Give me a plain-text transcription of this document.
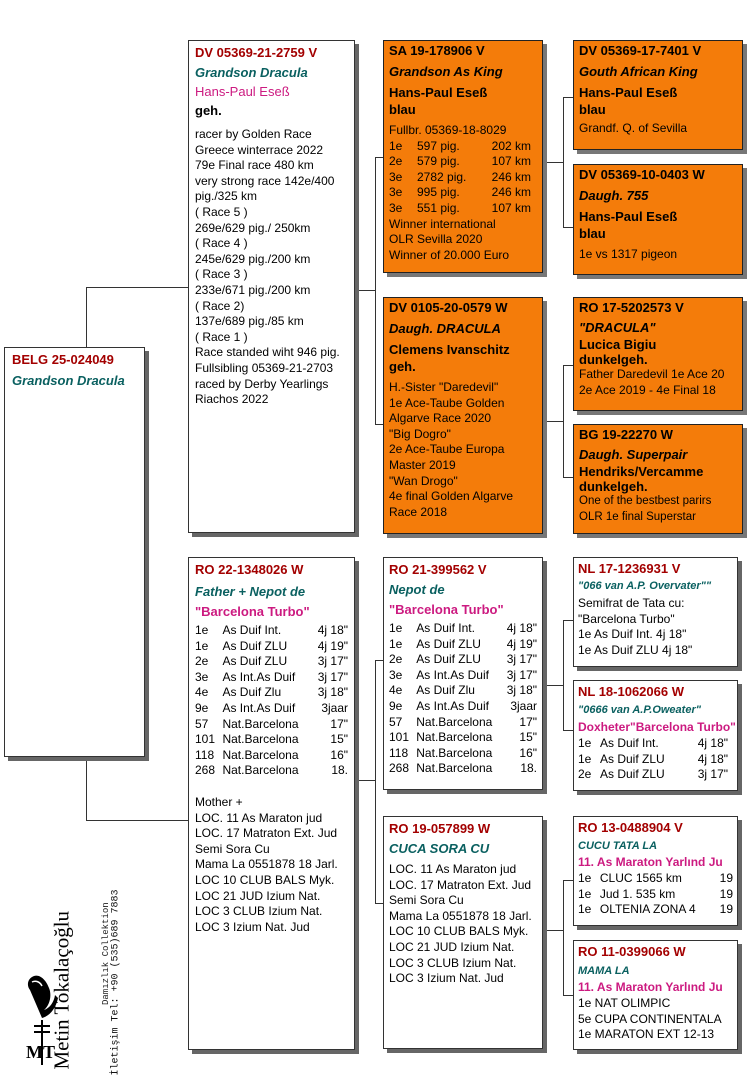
BELG 25-024049
Grandson Dracula
DV 05369-21-2759 V
Grandson Dracula
Hans-Paul Eseß
geh.
racer by Golden Race
Greece winterrace 2022
79e Final race 480 km
very strong race 142e/400
pig./325 km
( Race 5 )
269e/629 pig./ 250km
( Race 4 )
245e/629 pig./200 km
( Race 3 )
233e/671 pig./200 km
( Race 2)
137e/689 pig./85 km
( Race 1 )
Race standed wiht 946 pig.
Fullsibling 05369-21-2703
raced by Derby Yearlings
Riachos 2022
SA 19-178906 V
Grandson As King
Hans-Paul Eseß
blau
Fullbr. 05369-18-8029
1e	597 pig.	202 km
2e	579 pig.	107 km
3e	2782 pig.	246 km
3e	995 pig.	246 km
3e	551 pig.	107 km
Winner international
OLR Sevilla 2020
Winner of 20.000 Euro
DV 05369-17-7401 V
Gouth African King
Hans-Paul Eseß
blau
Grandf. Q. of Sevilla
DV 05369-10-0403 W
Daugh. 755
Hans-Paul Eseß
blau
1e vs 1317 pigeon
DV 0105-20-0579 W
Daugh. DRACULA
Clemens Ivanschitz
geh.
H.-Sister "Daredevil"
1e Ace-Taube Golden
Algarve Race 2020
"Big Dogro"
2e Ace-Taube Europa
Master 2019
"Wan Drogo"
4e final Golden Algarve
Race 2018
RO 17-5202573 V
"DRACULA"
Lucica Bigiu
dunkelgeh.
Father Daredevil 1e Ace 20
2e Ace 2019 - 4e Final 18
BG 19-22270 W
Daugh. Superpair
Hendriks/Vercamme
dunkelgeh.
One of the bestbest parirs
OLR 1e final Superstar
RO 22-1348026 W
Father + Nepot de
"Barcelona Turbo"
1e	As Duif Int.	4j 18"
1e	As Duif ZLU	4j 19"
2e	As Duif ZLU	3j 17"
3e	As Int.As Duif	3j 17"
4e	As Duif Zlu	3j 18"
9e	As Int.As Duif	3jaar
57	Nat.Barcelona	17"
101 Nat.Barcelona	15"
118 Nat.Barcelona	16"
268 Nat.Barcelona	18.
Mother +
LOC. 11 As Maraton jud
LOC. 17 Matraton Ext. Jud
Semi Sora Cu
Mama La 0551878 18 Jarl.
LOC 10 CLUB BALS Myk.
LOC 21 JUD Izium Nat.
LOC 3 CLUB Izium Nat.
LOC 3 Izium Nat. Jud
RO 21-399562 V
Nepot de
"Barcelona Turbo"
1e	As Duif Int.	4j 18"
1e	As Duif ZLU	4j 19"
2e	As Duif ZLU	3j 17"
3e	As Int.As Duif	3j 17"
4e	As Duif Zlu	3j 18"
9e	As Int.As Duif	3jaar
57	Nat.Barcelona	17"
101 Nat.Barcelona	15"
118 Nat.Barcelona	16"
268 Nat.Barcelona	18.
NL 17-1236931 V
"066 van A.P. Overvater""
Semifrat de Tata cu:
"Barcelona Turbo"
1e As Duif Int. 4j 18"
1e As Duif ZLU 4j 18"
NL 18-1062066 W
"0666 van A.P.Oweater"
Doxheter"Barcelona Turbo"
1e As Duif Int.	4j 18"
1e As Duif ZLU	4j 18"
2e As Duif ZLU	3j 17"
RO 19-057899 W
CUCA SORA CU
LOC. 11 As Maraton jud
LOC. 17 Matraton Ext. Jud
Semi Sora Cu
Mama La 0551878 18 Jarl.
LOC 10 CLUB BALS Myk.
LOC 21 JUD Izium Nat.
LOC 3 CLUB Izium Nat.
LOC 3 Izium Nat. Jud
RO 13-0488904 V
CUCU TATA LA
11. As Maraton Yarlınd Ju
1e CLUC 1565 km	19
1e Jud 1. 535 km	19
1e OLTENIA ZONA 4	19
RO 11-0399066 W
MAMA LA
11. As Maraton Yarlınd Ju
1e NAT OLIMPIC
5e CUPA CONTINENTALA
1e MARATON EXT 12-13
MT
Metin Tokalaçoğlu	Damızlık Collektion İletişim Tel: +90 (535)689 7883
